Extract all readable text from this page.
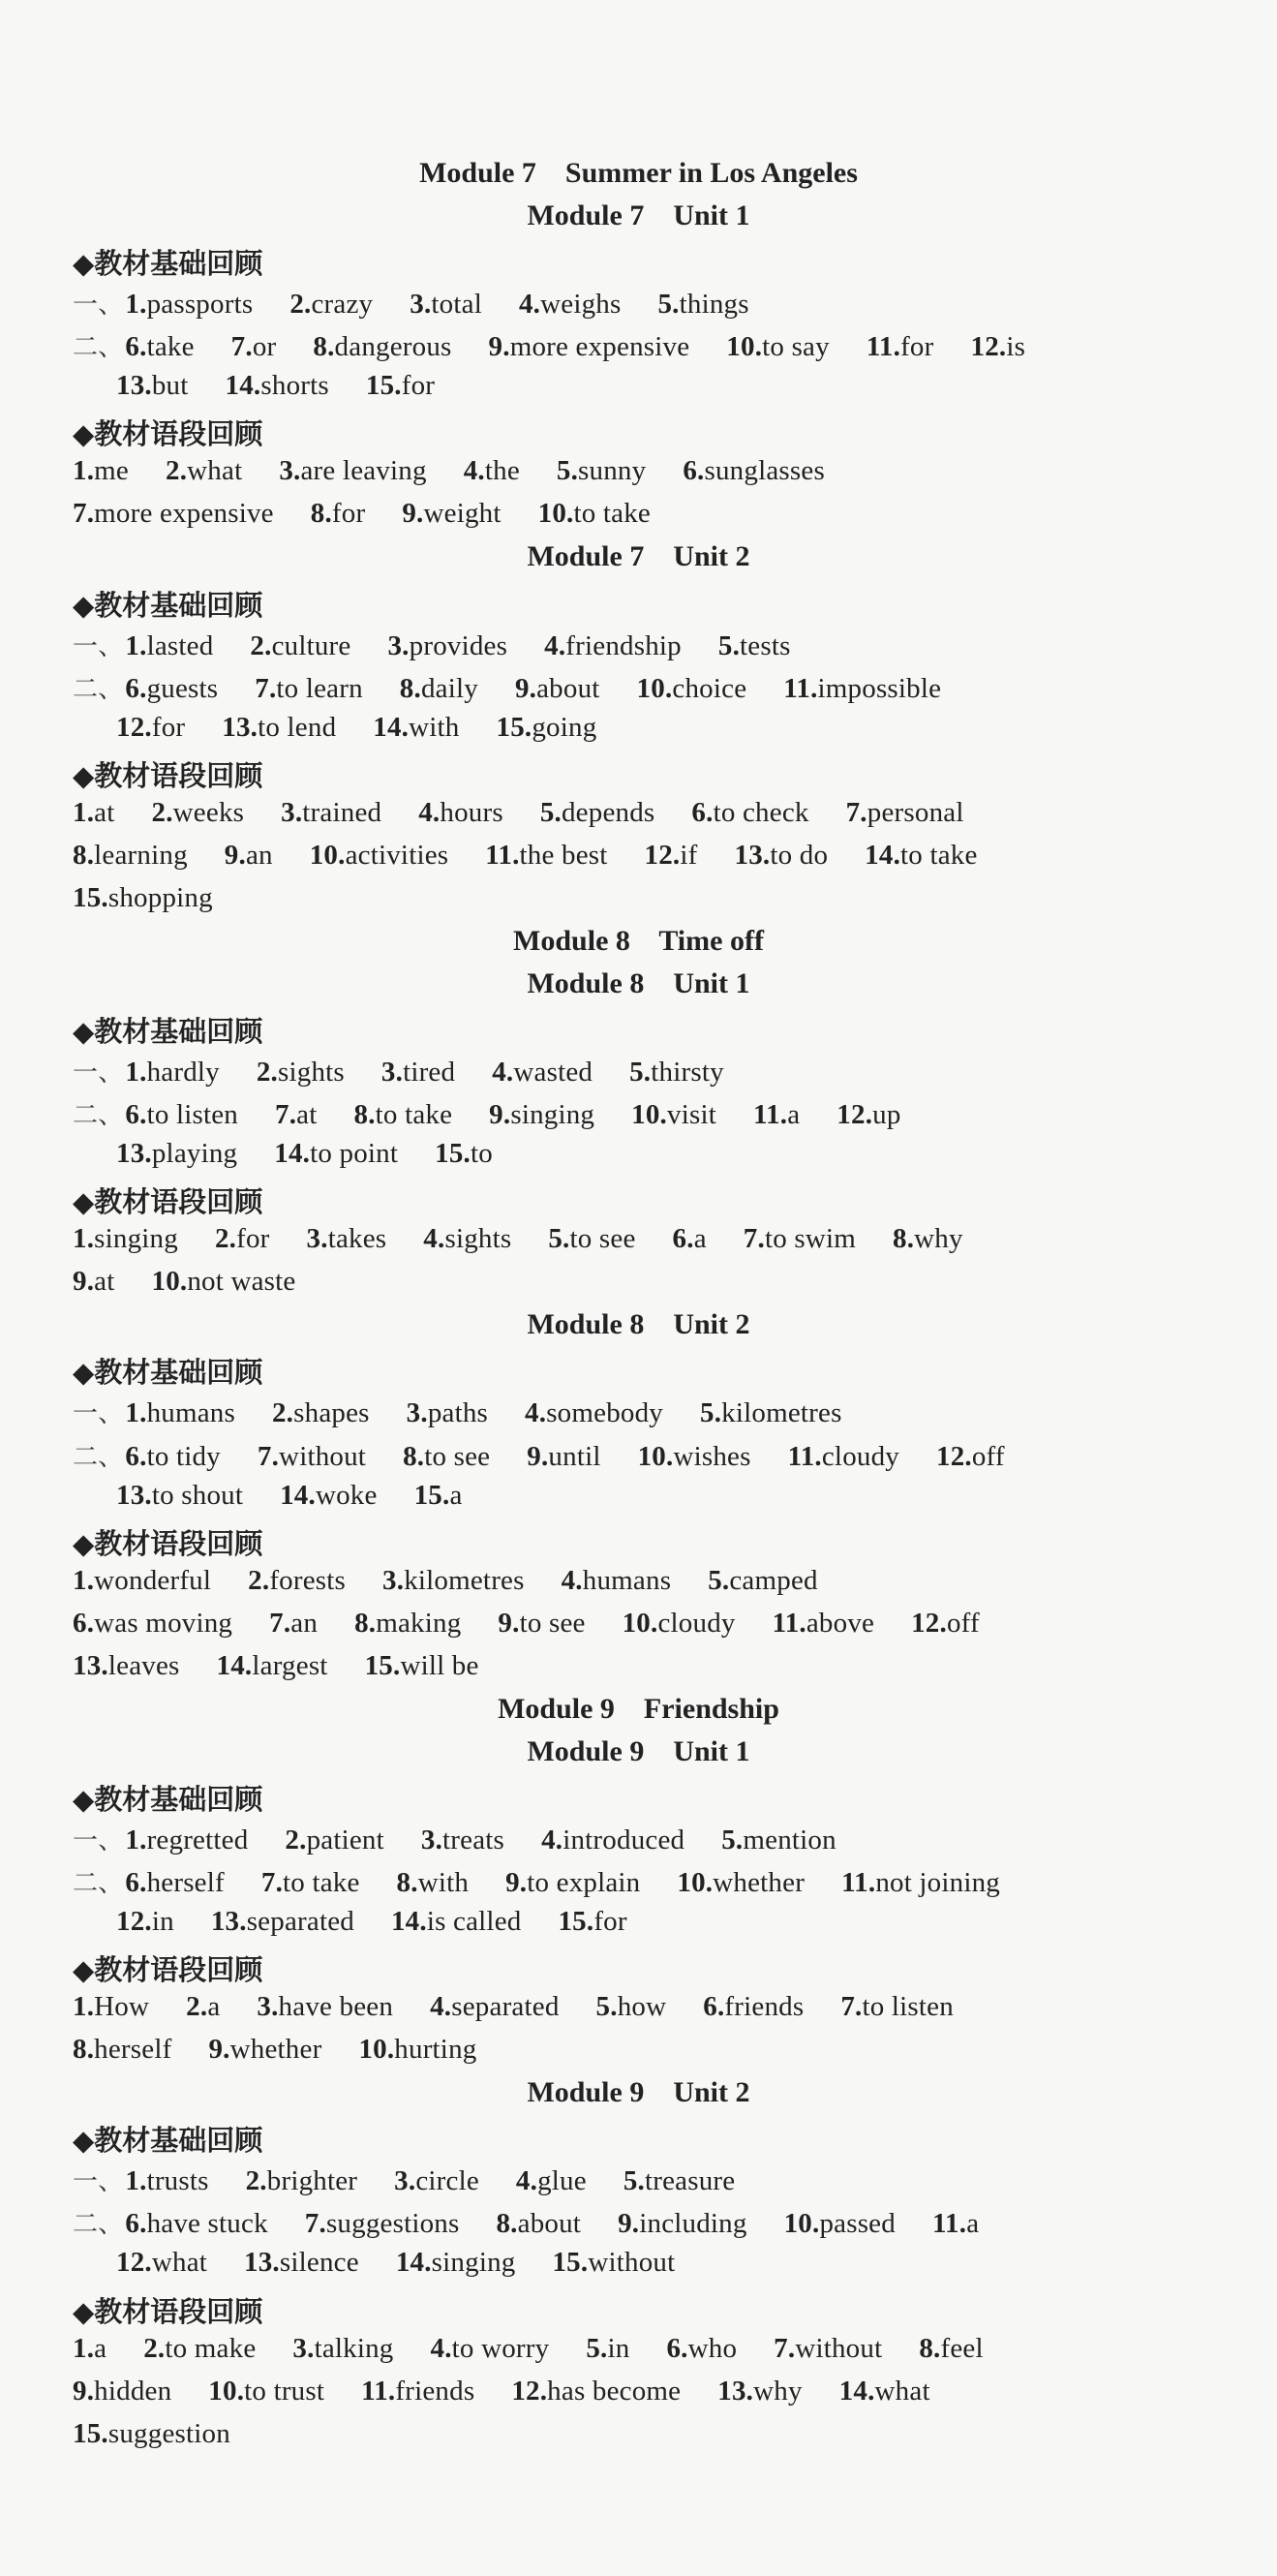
Module 7    Summer in Los Angeles
Module 7    Unit 1
◆教材基础回顾
一、1.passports 2.crazy 3.total 4.weighs 5.things
二、6.take 7.or 8.dangerous 9.more expensive 10.to say 11.for 12.is
13.but 14.shorts 15.for
◆教材语段回顾
1.me 2.what 3.are leaving 4.the 5.sunny 6.sunglasses
7.more expensive 8.for 9.weight 10.to take
Module 7    Unit 2
◆教材基础回顾
一、1.lasted 2.culture 3.provides 4.friendship 5.tests
二、6.guests 7.to learn 8.daily 9.about 10.choice 11.impossible
12.for 13.to lend 14.with 15.going
◆教材语段回顾
1.at 2.weeks 3.trained 4.hours 5.depends 6.to check 7.personal
8.learning 9.an 10.activities 11.the best 12.if 13.to do 14.to take
15.shopping
Module 8    Time off
Module 8    Unit 1
◆教材基础回顾
一、1.hardly 2.sights 3.tired 4.wasted 5.thirsty
二、6.to listen 7.at 8.to take 9.singing 10.visit 11.a 12.up
13.playing 14.to point 15.to
◆教材语段回顾
1.singing 2.for 3.takes 4.sights 5.to see 6.a 7.to swim 8.why
9.at 10.not waste
Module 8    Unit 2
◆教材基础回顾
一、1.humans 2.shapes 3.paths 4.somebody 5.kilometres
二、6.to tidy 7.without 8.to see 9.until 10.wishes 11.cloudy 12.off
13.to shout 14.woke 15.a
◆教材语段回顾
1.wonderful 2.forests 3.kilometres 4.humans 5.camped
6.was moving 7.an 8.making 9.to see 10.cloudy 11.above 12.off
13.leaves 14.largest 15.will be
Module 9    Friendship
Module 9    Unit 1
◆教材基础回顾
一、1.regretted 2.patient 3.treats 4.introduced 5.mention
二、6.herself 7.to take 8.with 9.to explain 10.whether 11.not joining
12.in 13.separated 14.is called 15.for
◆教材语段回顾
1.How 2.a 3.have been 4.separated 5.how 6.friends 7.to listen
8.herself 9.whether 10.hurting
Module 9    Unit 2
◆教材基础回顾
一、1.trusts 2.brighter 3.circle 4.glue 5.treasure
二、6.have stuck 7.suggestions 8.about 9.including 10.passed 11.a
12.what 13.silence 14.singing 15.without
◆教材语段回顾
1.a 2.to make 3.talking 4.to worry 5.in 6.who 7.without 8.feel
9.hidden 10.to trust 11.friends 12.has become 13.why 14.what
15.suggestion
